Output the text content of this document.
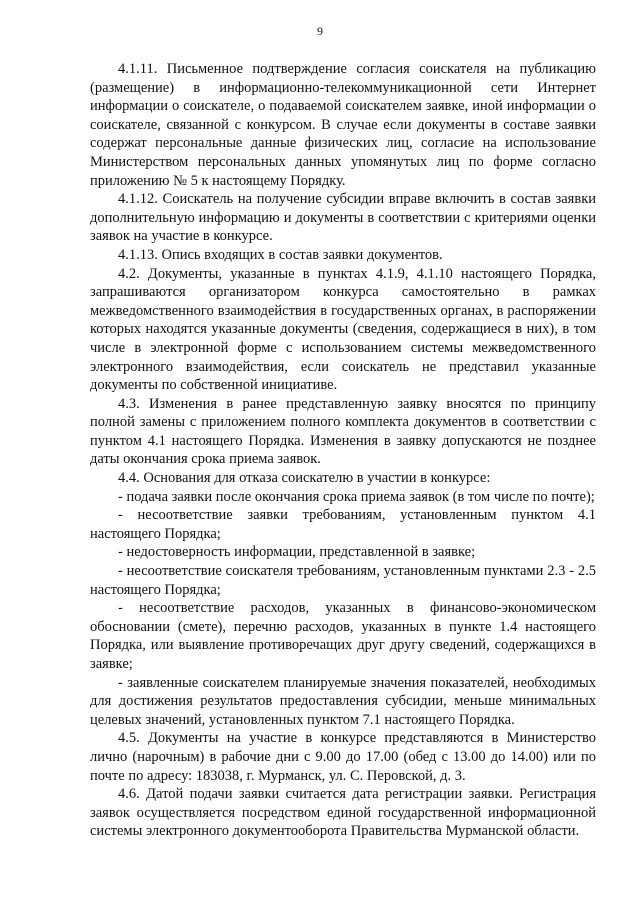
9

4.1.11. Письменное подтверждение согласия соискателя на публикацию (размещение) в информационно-телекоммуникационной сети Интернет информации о соискателе, о подаваемой соискателем заявке, иной информации о соискателе, связанной с конкурсом. В случае если документы в составе заявки содержат персональные данные физических лиц, согласие на использование Министерством персональных данных упомянутых лиц по форме согласно приложению № 5 к настоящему Порядку.

4.1.12. Соискатель на получение субсидии вправе включить в состав заявки дополнительную информацию и документы в соответствии с критериями оценки заявок на участие в конкурсе.

4.1.13. Опись входящих в состав заявки документов.

4.2. Документы, указанные в пунктах 4.1.9, 4.1.10 настоящего Порядка, запрашиваются организатором конкурса самостоятельно в рамках межведомственного взаимодействия в государственных органах, в распоряжении которых находятся указанные документы (сведения, содержащиеся в них), в том числе в электронной форме с использованием системы межведомственного электронного взаимодействия, если соискатель не представил указанные документы по собственной инициативе.

4.3. Изменения в ранее представленную заявку вносятся по принципу полной замены с приложением полного комплекта документов в соответствии с пунктом 4.1 настоящего Порядка. Изменения в заявку допускаются не позднее даты окончания срока приема заявок.

4.4. Основания для отказа соискателю в участии в конкурсе:

- подача заявки после окончания срока приема заявок (в том числе по почте);

- несоответствие заявки требованиям, установленным пунктом 4.1 настоящего Порядка;

- недостоверность информации, представленной в заявке;

- несоответствие соискателя требованиям, установленным пунктами 2.3 - 2.5 настоящего Порядка;

- несоответствие расходов, указанных в финансово-экономическом обосновании (смете), перечню расходов, указанных в пункте 1.4 настоящего Порядка, или выявление противоречащих друг другу сведений, содержащихся в заявке;

- заявленные соискателем планируемые значения показателей, необходимых для достижения результатов предоставления субсидии, меньше минимальных целевых значений, установленных пунктом 7.1 настоящего Порядка.

4.5. Документы на участие в конкурсе представляются в Министерство лично (нарочным) в рабочие дни с 9.00 до 17.00 (обед с 13.00 до 14.00) или по почте по адресу: 183038, г. Мурманск, ул. С. Перовской, д. 3.

4.6. Датой подачи заявки считается дата регистрации заявки. Регистрация заявок осуществляется посредством единой государственной информационной системы электронного документооборота Правительства Мурманской области.
